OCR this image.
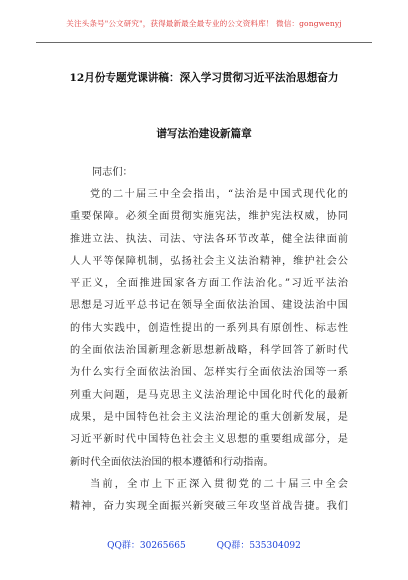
关注头条号"公文研究"，获得最新最全最专业的公文资料库！ 微信：gongwenyj
12月份专题党课讲稿：深入学习贯彻习近平法治思想奋力
谱写法治建设新篇章
同志们：
党的二十届三中全会指出，“法治是中国式现代化的
重要保障。必须全面贯彻实施宪法，维护宪法权威，协同
推进立法、执法、司法、守法各环节改革，健全法律面前
人人平等保障机制，弘扬社会主义法治精神，维护社会公
平正义，全面推进国家各方面工作法治化。”习近平法治
思想是习近平总书记在领导全面依法治国、建设法治中国
的伟大实践中，创造性提出的一系列具有原创性、标志性
的全面依法治国新理念新思想新战略，科学回答了新时代
为什么实行全面依法治国、怎样实行全面依法治国等一系
列重大问题，是马克思主义法治理论中国化时代化的最新
成果，是中国特色社会主义法治理论的重大创新发展，是
习近平新时代中国特色社会主义思想的重要组成部分，是
新时代全面依法治国的根本遵循和行动指南。
当前，全市上下正深入贯彻党的二十届三中全会
精神，奋力实现全面振兴新突破三年攻坚首战告捷。我们
QQ群：30265665	QQ群：535304092
